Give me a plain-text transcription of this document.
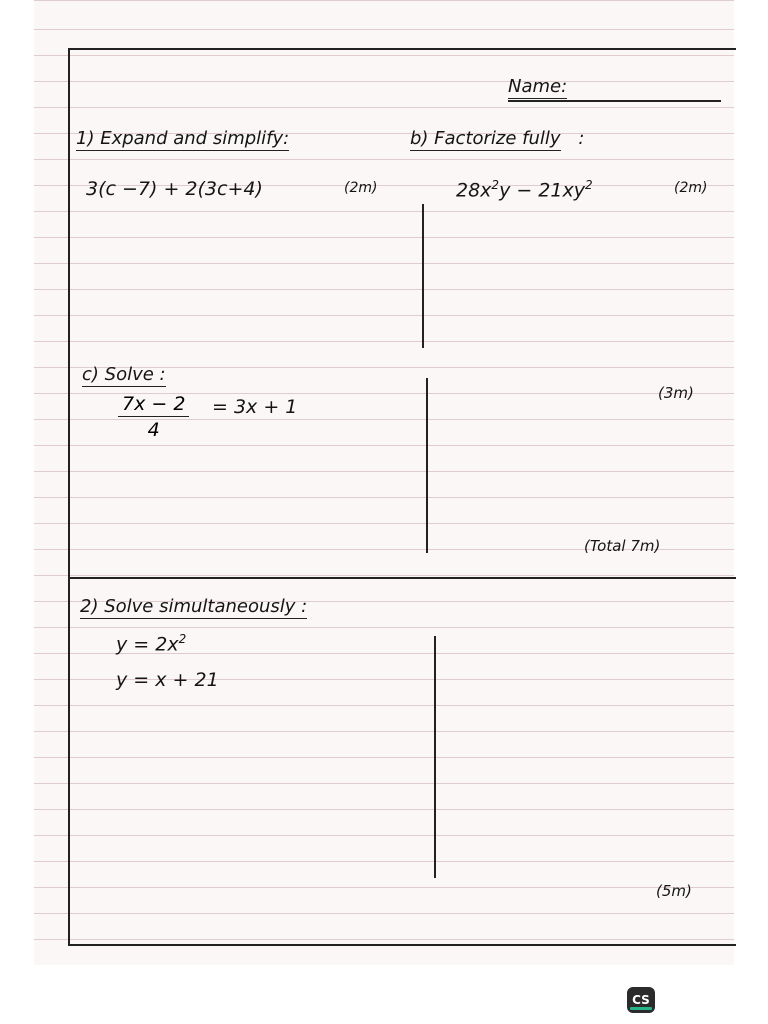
Name:
1) Expand and simplify:
3(c −7) + 2(3c+4)	(2m)
b) Factorize fully :
$28x^2y - 21xy^2$	(2m)
c) Solve :
$\frac{7x - 2}{4} = 3x + 1$
(3m)
(Total 7m)
2) Solve simultaneously :
$y = 2x^2$
y = x + 21
(5m)
CS
